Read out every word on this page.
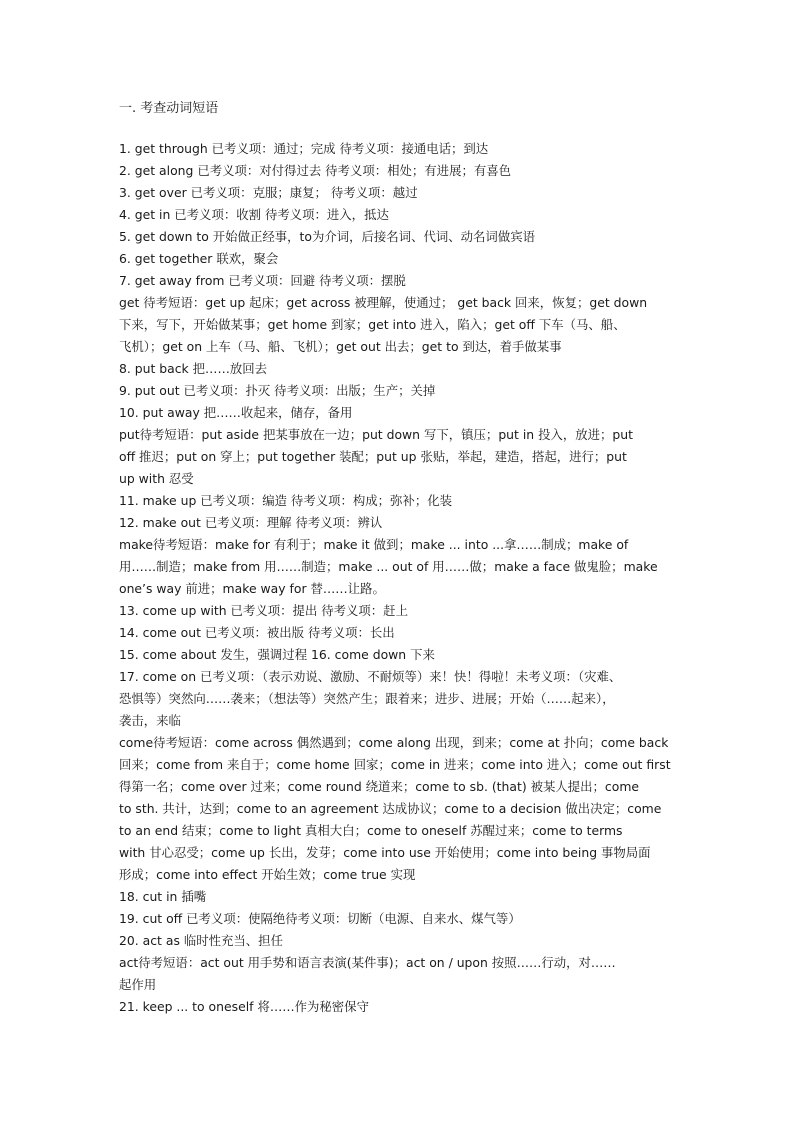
一. 考查动词短语
1. get through 已考义项：通过；完成 待考义项：接通电话；到达
2. get along 已考义项：对付得过去 待考义项：相处；有进展；有喜色
3. get over 已考义项：克服；康复； 待考义项：越过
4. get in 已考义项：收割 待考义项：进入，抵达
5. get down to 开始做正经事，to为介词，后接名词、代词、动名词做宾语
6. get together 联欢，聚会
7. get away from 已考义项：回避 待考义项：摆脱
get 待考短语：get up 起床；get across 被理解，使通过； get back 回来，恢复；get down
下来，写下，开始做某事；get home 到家；get into 进入，陷入；get off 下车（马、船、
飞机）；get on 上车（马、船、飞机）；get out 出去；get to 到达，着手做某事
8. put back 把……放回去
9. put out 已考义项：扑灭 待考义项：出版；生产；关掉
10. put away 把……收起来，储存，备用
put待考短语：put aside 把某事放在一边；put down 写下，镇压；put in 投入，放进；put
off 推迟；put on 穿上；put together 装配；put up 张贴，举起，建造，搭起，进行；put
up with 忍受
11. make up 已考义项：编造 待考义项：构成；弥补；化装
12. make out 已考义项：理解 待考义项：辨认
make待考短语：make for 有利于；make it 做到；make ... into ...拿……制成；make of
用……制造；make from 用……制造；make ... out of 用……做；make a face 做鬼脸；make
one’s way 前进；make way for 替……让路。
13. come up with 已考义项：提出 待考义项：赶上
14. come out 已考义项：被出版 待考义项：长出
15. come about 发生，强调过程 16. come down 下来
17. come on 已考义项：（表示劝说、激励、不耐烦等）来！快！得啦！未考义项：（灾难、
恐惧等）突然向……袭来；（想法等）突然产生；跟着来；进步、进展；开始（……起来），
袭击，来临
come待考短语：come across 偶然遇到；come along 出现，到来；come at 扑向；come back
回来；come from 来自于；come home 回家；come in 进来；come into 进入；come out first
得第一名；come over 过来；come round 绕道来；come to sb. (that) 被某人提出；come
to sth. 共计，达到；come to an agreement 达成协议；come to a decision 做出决定；come
to an end 结束；come to light 真相大白；come to oneself 苏醒过来；come to terms
with 甘心忍受；come up 长出，发芽；come into use 开始使用；come into being 事物局面
形成；come into effect 开始生效；come true 实现
18. cut in 插嘴
19. cut off 已考义项：使隔绝待考义项：切断（电源、自来水、煤气等）
20. act as 临时性充当、担任
act待考短语：act out 用手势和语言表演(某件事)；act on / upon 按照……行动，对……
起作用
21. keep ... to oneself 将……作为秘密保守
